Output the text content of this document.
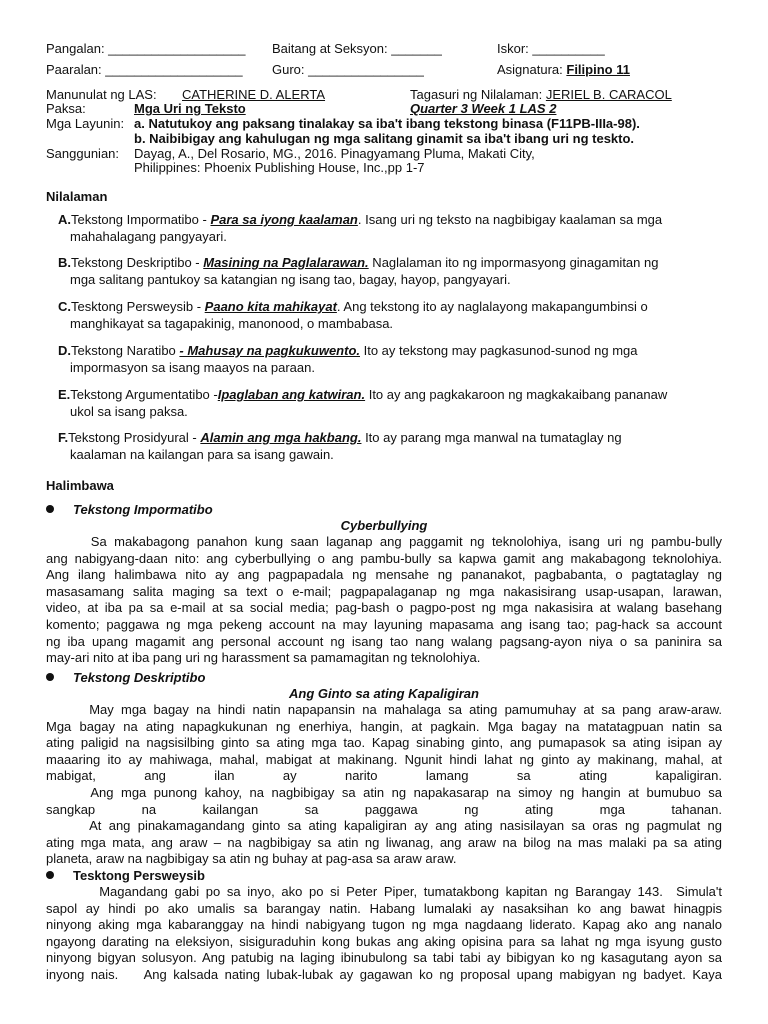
Pangalan: ___________________ Baitang at Seksyon: _______	Iskor: __________
Paaralan: ___________________ Guro: ________________	Asignatura: Filipino 11
Manunulat ng LAS: CATHERINE D. ALERTA	Tagasuri ng Nilalaman: JERIEL B. CARACOL
Paksa:	Mga Uri ng Teksto	Quarter 3 Week 1 LAS 2
Mga Layunin: a. Natutukoy ang paksang tinalakay sa iba't ibang tekstong binasa (F11PB-IIIa-98).
b. Naibibigay ang kahulugan ng mga salitang ginamit sa iba't ibang uri ng teskto.
Sanggunian: Dayag, A., Del Rosario, MG., 2016. Pinagyamang Pluma, Makati City,
Philippines: Phoenix Publishing House, Inc.,pp 1-7
Nilalaman
A.Tekstong Impormatibo - Para sa iyong kaalaman. Isang uri ng teksto na nagbibigay kaalaman sa mga
mahahalagang pangyayari.
B.Tekstong Deskriptibo - Masining na Paglalarawan. Naglalaman ito ng impormasyong ginagamitan ng
mga salitang pantukoy sa katangian ng isang tao, bagay, hayop, pangyayari.
C.Tesktong Persweysib - Paano kita mahikayat. Ang tekstong ito ay naglalayong makapangumbinsi o
manghikayat sa tagapakinig, manonood, o mambabasa.
D.Tekstong Naratibo - Mahusay na pagkukuwento. Ito ay tekstong may pagkasunod-sunod ng mga
impormasyon sa isang maayos na paraan.
E.Tekstong Argumentatibo -Ipaglaban ang katwiran. Ito ay ang pagkakaroon ng magkakaibang pananaw
ukol sa isang paksa.
F.Tekstong Prosidyural - Alamin ang mga hakbang. Ito ay parang mga manwal na tumataglay ng
kaalaman na kailangan para sa isang gawain.
Halimbawa
Tekstong Impormatibo
Cyberbullying
Sa makabagong panahon kung saan laganap ang paggamit ng teknolohiya, isang uri ng pambu-bully
ang nabigyang-daan nito: ang cyberbullying o ang pambu-bully sa kapwa gamit ang makabagong teknolohiya.
Ang ilang halimbawa nito ay ang pagpapadala ng mensahe ng pananakot, pagbabanta, o pagtataglay ng
masasamang salita maging sa text o e-mail; pagpapalaganap ng mga nakasisirang usap-usapan, larawan,
video, at iba pa sa e-mail at sa social media; pag-bash o pagpo-post ng mga nakasisira at walang basehang
komento; paggawa ng mga pekeng account na may layuning mapasama ang isang tao; pag-hack sa account
ng iba upang magamit ang personal account ng isang tao nang walang pagsang-ayon niya o sa paninira sa
may-ari nito at iba pang uri ng harassment sa pamamagitan ng teknolohiya.
Tekstong Deskriptibo
Ang Ginto sa ating Kapaligiran
May mga bagay na hindi natin napapansin na mahalaga sa ating pamumuhay at sa pang araw-araw.
Mga bagay na ating napagkukunan ng enerhiya, hangin, at pagkain. Mga bagay na matatagpuan natin sa
ating paligid na nagsisilbing ginto sa ating mga tao. Kapag sinabing ginto, ang pumapasok sa ating isipan ay
maaaring ito ay mahiwaga, mahal, mabigat at makinang. Ngunit hindi lahat ng ginto ay makinang, mahal, at
mabigat, ang ilan ay narito lamang sa ating kapaligiran.
Ang mga punong kahoy, na nagbibigay sa atin ng napakasarap na simoy ng hangin at bumubuo sa
sangkap na kailangan sa paggawa ng ating mga tahanan.
At ang pinakamagandang ginto sa ating kapaligiran ay ang ating nasisilayan sa oras ng pagmulat ng
ating mga mata, ang araw – na nagbibigay sa atin ng liwanag, ang araw na bilog na mas malaki pa sa ating
planeta, araw na nagbibigay sa atin ng buhay at pag-asa sa araw araw.
Tesktong Persweysib
Magandang gabi po sa inyo, ako po si Peter Piper, tumatakbong kapitan ng Barangay 143.  Simula't
sapol ay hindi po ako umalis sa barangay natin. Habang lumalaki ay nasaksihan ko ang bawat hinagpis
ninyong aking mga kabaranggay na hindi nabigyang tugon ng mga nagdaang liderato. Kapag ako ang nanalo
ngayong darating na eleksiyon, sisiguraduhin kong bukas ang aking opisina para sa lahat ng mga isyung gusto
ninyong bigyan solusyon. Ang patubig na laging ibinubulong sa tabi tabi ay bibigyan ko ng kasagutang ayon sa
inyong nais.    Ang kalsada nating lubak-lubak ay gagawan ko ng proposal upang mabigyan ng badyet. Kaya
